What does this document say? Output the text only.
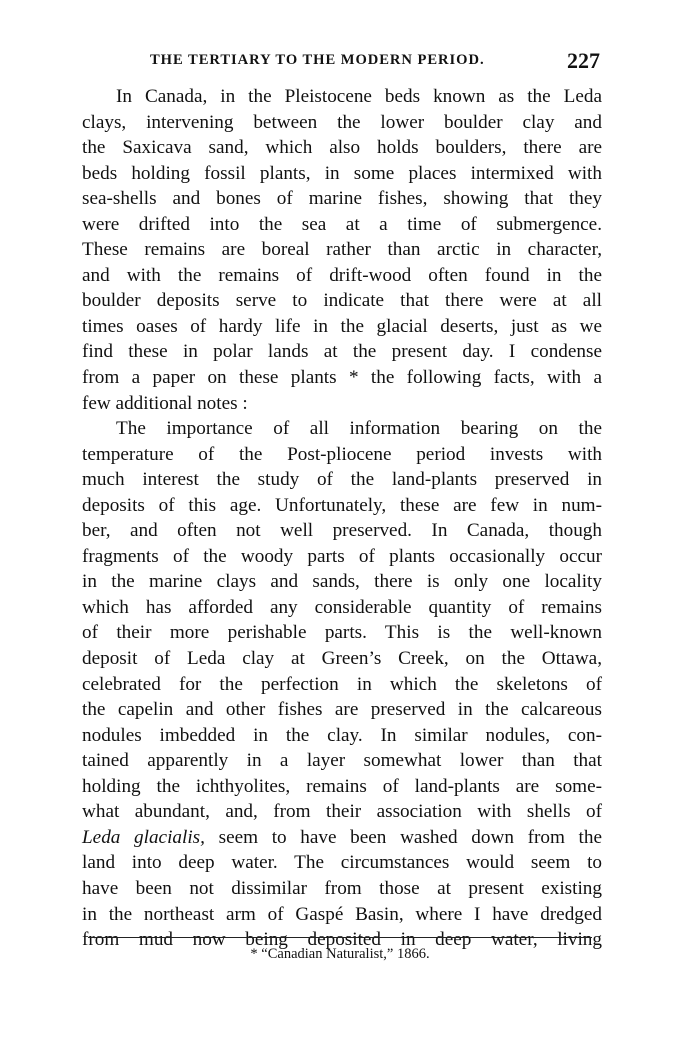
THE TERTIARY TO THE MODERN PERIOD.	227
In Canada, in the Pleistocene beds known as the Leda
clays, intervening between the lower boulder clay and
the Saxicava sand, which also holds boulders, there are
beds holding fossil plants, in some places intermixed with
sea-shells and bones of marine fishes, showing that they
were drifted into the sea at a time of submergence.
These remains are boreal rather than arctic in character,
and with the remains of drift-wood often found in the
boulder deposits serve to indicate that there were at all
times oases of hardy life in the glacial deserts, just as we
find these in polar lands at the present day. I condense
from a paper on these plants * the following facts, with a
few additional notes :
The importance of all information bearing on the
temperature of the Post-pliocene period invests with
much interest the study of the land-plants preserved in
deposits of this age. Unfortunately, these are few in num-
ber, and often not well preserved. In Canada, though
fragments of the woody parts of plants occasionally occur
in the marine clays and sands, there is only one locality
which has afforded any considerable quantity of remains
of their more perishable parts. This is the well-known
deposit of Leda clay at Green’s Creek, on the Ottawa,
celebrated for the perfection in which the skeletons of
the capelin and other fishes are preserved in the calcareous
nodules imbedded in the clay. In similar nodules, con-
tained apparently in a layer somewhat lower than that
holding the ichthyolites, remains of land-plants are some-
what abundant, and, from their association with shells of
Leda glacialis, seem to have been washed down from the
land into deep water. The circumstances would seem to
have been not dissimilar from those at present existing
in the northeast arm of Gaspé Basin, where I have dredged
from mud now being deposited in deep water, living
* “Canadian Naturalist,” 1866.
